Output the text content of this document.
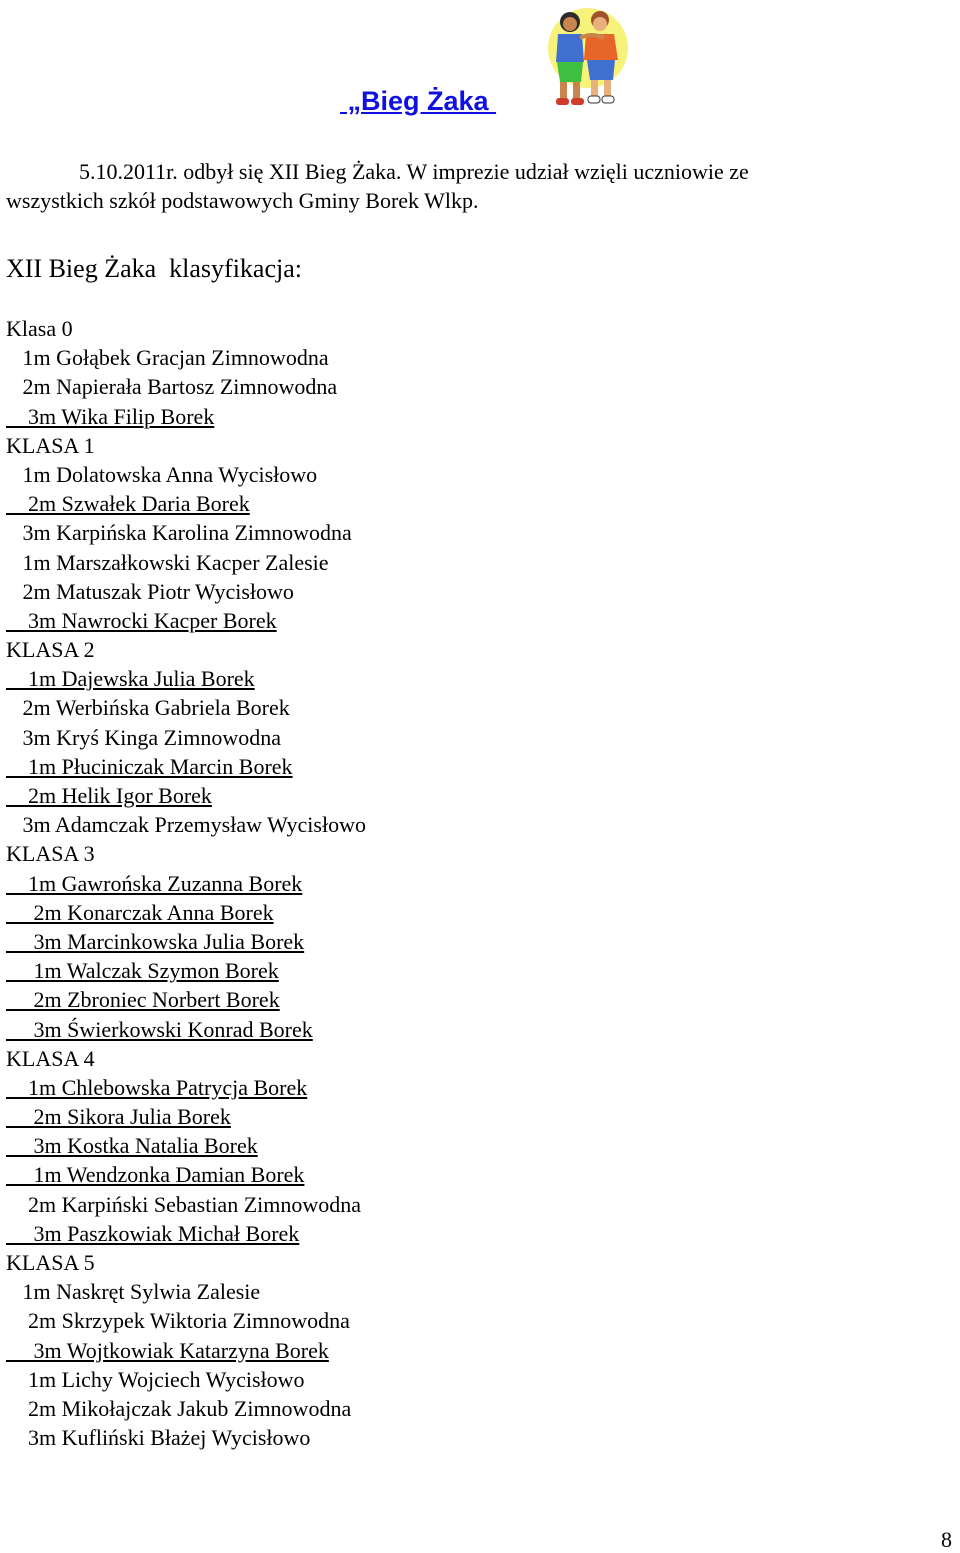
„Bieg Żaka
5.10.2011r. odbył się XII Bieg Żaka. W imprezie udział wzięli uczniowie ze
wszystkich szkół podstawowych Gminy Borek Wlkp.
XII Bieg Żaka  klasyfikacja:
Klasa 0
1m Gołąbek Gracjan Zimnowodna
2m Napierała Bartosz Zimnowodna
3m Wika Filip Borek
KLASA 1
1m Dolatowska Anna Wycisłowo
2m Szwałek Daria Borek
3m Karpińska Karolina Zimnowodna
1m Marszałkowski Kacper Zalesie
2m Matuszak Piotr Wycisłowo
3m Nawrocki Kacper Borek
KLASA 2
1m Dajewska Julia Borek
2m Werbińska Gabriela Borek
3m Kryś Kinga Zimnowodna
1m Płuciniczak Marcin Borek
2m Helik Igor Borek
3m Adamczak Przemysław Wycisłowo
KLASA 3
1m Gawrońska Zuzanna Borek
2m Konarczak Anna Borek
3m Marcinkowska Julia Borek
1m Walczak Szymon Borek
2m Zbroniec Norbert Borek
3m Świerkowski Konrad Borek
KLASA 4
1m Chlebowska Patrycja Borek
2m Sikora Julia Borek
3m Kostka Natalia Borek
1m Wendzonka Damian Borek
2m Karpiński Sebastian Zimnowodna
3m Paszkowiak Michał Borek
KLASA 5
1m Naskręt Sylwia Zalesie
2m Skrzypek Wiktoria Zimnowodna
3m Wojtkowiak Katarzyna Borek
1m Lichy Wojciech Wycisłowo
2m Mikołajczak Jakub Zimnowodna
3m Kufliński Błażej Wycisłowo
8
